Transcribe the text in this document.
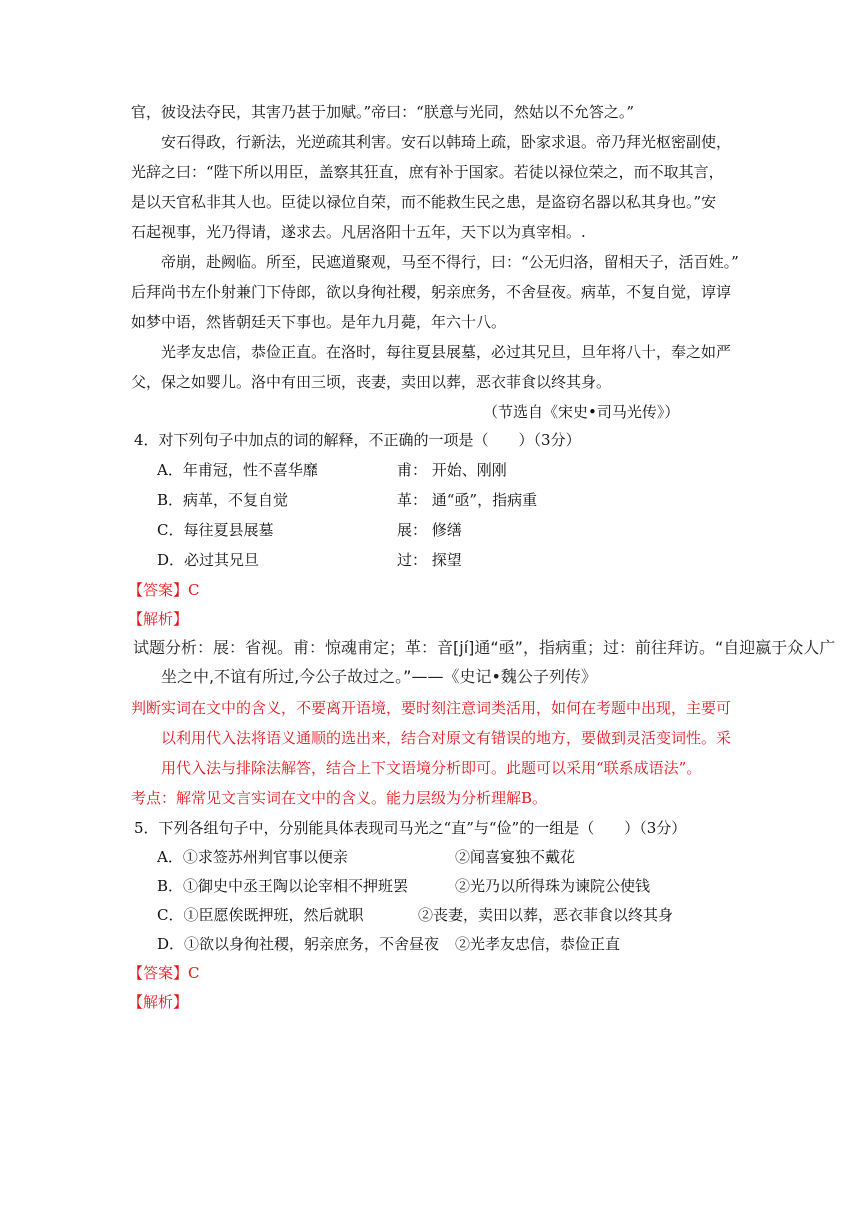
官，彼设法夺民，其害乃甚于加赋。”帝曰：“朕意与光同，然姑以不允答之。”
安石得政，行新法，光逆疏其利害。安石以韩琦上疏，卧家求退。帝乃拜光枢密副使，
光辞之曰：“陛下所以用臣，盖察其狂直，庶有补于国家。若徒以禄位荣之，而不取其言，
是以天官私非其人也。臣徒以禄位自荣，而不能救生民之患，是盗窃名器以私其身也。”安
石起视事，光乃得请，遂求去。凡居洛阳十五年，天下以为真宰相。.
帝崩，赴阙临。所至，民遮道聚观，马至不得行，曰：“公无归洛，留相天子，活百姓。”
后拜尚书左仆射兼门下侍郎，欲以身徇社稷，躬亲庶务，不舍昼夜。病革，不复自觉，谆谆
如梦中语，然皆朝廷天下事也。是年九月薨，年六十八。
光孝友忠信，恭俭正直。在洛时，每往夏县展墓，必过其兄旦，旦年将八十，奉之如严
父，保之如婴儿。洛中有田三顷，丧妻，卖田以葬，恶衣菲食以终其身。
（节选自《宋史•司马光传》）
4．对下列句子中加点的词的解释，不正确的一项是（　　）（3分）
A．年甫冠，性不喜华靡	甫： 开始、刚刚
B．病革，不复自觉	革： 通“亟”，指病重
C．每往夏县展墓	展： 修缮
D．必过其兄旦	过： 探望
【答案】C
【解析】
试题分析：展：省视。甫：惊魂甫定；革：音[jí]通“亟”，指病重；过：前往拜访。“自迎嬴于众人广
坐之中,不谊有所过,今公子故过之。”——《史记•魏公子列传》
判断实词在文中的含义，不要离开语境，要时刻注意词类活用，如何在考题中出现，主要可
以利用代入法将语义通顺的选出来，结合对原文有错误的地方，要做到灵活变词性。采
用代入法与排除法解答，结合上下文语境分析即可。此题可以采用“联系成语法”。
考点：解常见文言实词在文中的含义。能力层级为分析理解B。
5．下列各组句子中，分别能具体表现司马光之“直”与“俭”的一组是（　　）（3分）
A．①求签苏州判官事以便亲	②闻喜宴独不戴花
B．①御史中丞王陶以论宰相不押班罢	②光乃以所得珠为谏院公使钱
C．①臣愿俟既押班，然后就职	②丧妻，卖田以葬，恶衣菲食以终其身
D．①欲以身徇社稷，躬亲庶务，不舍昼夜 ②光孝友忠信，恭俭正直
【答案】C
【解析】
